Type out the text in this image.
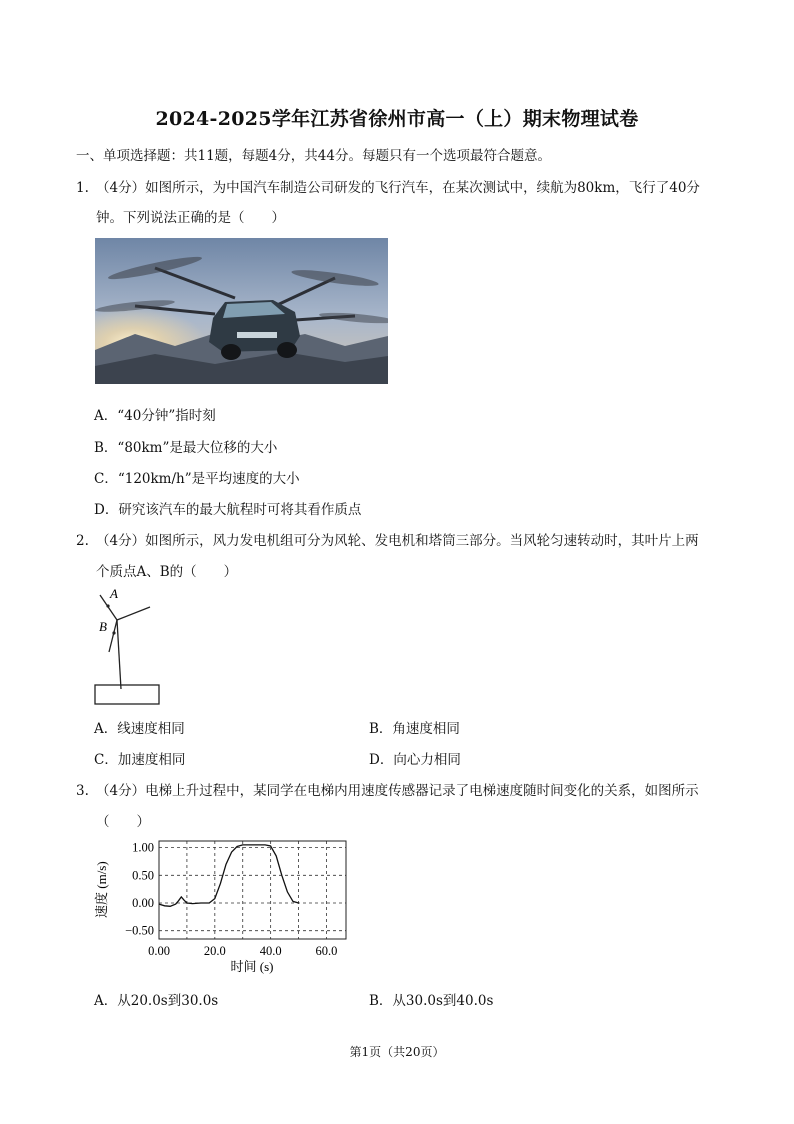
2024-2025学年江苏省徐州市高一（上）期末物理试卷
一、单项选择题：共11题，每题4分，共44分。每题只有一个选项最符合题意。
1. （4分）如图所示，为中国汽车制造公司研发的飞行汽车，在某次测试中，续航为80km，飞行了40分
钟。下列说法正确的是（　　）
A．“40分钟”指时刻
B．“80km”是最大位移的大小
C．“120km/h”是平均速度的大小
D．研究该汽车的最大航程时可将其看作质点
2. （4分）如图所示，风力发电机组可分为风轮、发电机和塔筒三部分。当风轮匀速转动时，其叶片上两
个质点A、B的（　　）
A
B
A．线速度相同	B．角速度相同
C．加速度相同	D．向心力相同
3. （4分）电梯上升过程中，某同学在电梯内用速度传感器记录了电梯速度随时间变化的关系，如图所示
（　　）
1.00
0.50
0.00
−0.50
0.00	20.0	40.0	60.0
速度 (m/s)
时间 (s)
A．从20.0s到30.0s	B．从30.0s到40.0s
第1页（共20页）
